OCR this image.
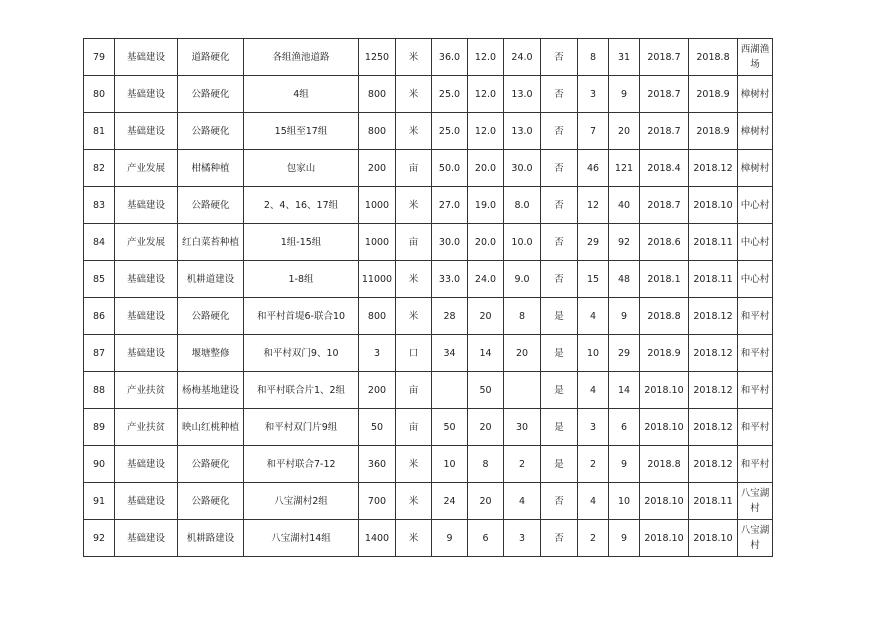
79	基础建设	道路硬化	各组渔池道路	1250	米	36.0	12.0	24.0	否	8	31	2018.7	2018.8	西湖渔场
80	基础建设	公路硬化	4组	800	米	25.0	12.0	13.0	否	3	9	2018.7	2018.9	樟树村
81	基础建设	公路硬化	15组至17组	800	米	25.0	12.0	13.0	否	7	20	2018.7	2018.9	樟树村
82	产业发展	柑橘种植	包家山	200	亩	50.0	20.0	30.0	否	46	121	2018.4	2018.12	樟树村
83	基础建设	公路硬化	2、4、16、17组	1000	米	27.0	19.0	8.0	否	12	40	2018.7	2018.10	中心村
84	产业发展	红白菜苔种植	1组-15组	1000	亩	30.0	20.0	10.0	否	29	92	2018.6	2018.11	中心村
85	基础建设	机耕道建设	1-8组	11000	米	33.0	24.0	9.0	否	15	48	2018.1	2018.11	中心村
86	基础建设	公路硬化	和平村首堤6-联合10	800	米	28	20	8	是	4	9	2018.8	2018.12	和平村
87	基础建设	堰塘整修	和平村双门9、10	3	口	34	14	20	是	10	29	2018.9	2018.12	和平村
88	产业扶贫	杨梅基地建设	和平村联合片1、2组	200	亩		50		是	4	14	2018.10	2018.12	和平村
89	产业扶贫	映山红桃种植	和平村双门片9组	50	亩	50	20	30	是	3	6	2018.10	2018.12	和平村
90	基础建设	公路硬化	和平村联合7-12	360	米	10	8	2	是	2	9	2018.8	2018.12	和平村
91	基础建设	公路硬化	八宝湖村2组	700	米	24	20	4	否	4	10	2018.10	2018.11	八宝湖村
92	基础建设	机耕路建设	八宝湖村14组	1400	米	9	6	3	否	2	9	2018.10	2018.10	八宝湖村
